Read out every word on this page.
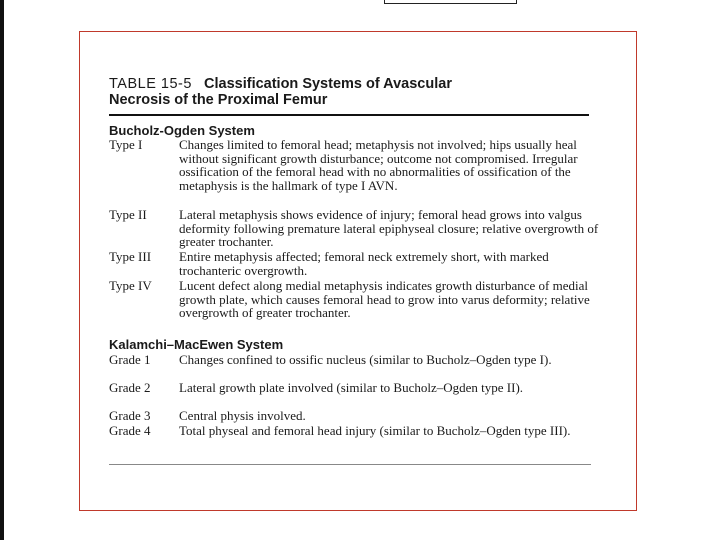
TABLE 15-5 Classification Systems of Avascular
Necrosis of the Proximal Femur
Bucholz-Ogden System
Type I	Changes limited to femoral head; metaphysis not involved; hips usually heal without significant growth disturbance; outcome not compromised. Irregular ossification of the femoral head with no abnormalities of ossification of the metaphysis is the hallmark of type I AVN.
Type II	Lateral metaphysis shows evidence of injury; femoral head grows into valgus deformity following premature lateral epiphyseal closure; relative overgrowth of greater trochanter.
Type III	Entire metaphysis affected; femoral neck extremely short, with marked trochanteric overgrowth.
Type IV	Lucent defect along medial metaphysis indicates growth disturbance of medial growth plate, which causes femoral head to grow into varus deformity; relative overgrowth of greater trochanter.
Kalamchi–MacEwen System
Grade 1	Changes confined to ossific nucleus (similar to Bucholz–Ogden type I).
Grade 2	Lateral growth plate involved (similar to Bucholz–Ogden type II).
Grade 3	Central physis involved.
Grade 4	Total physeal and femoral head injury (similar to Bucholz–Ogden type III).
